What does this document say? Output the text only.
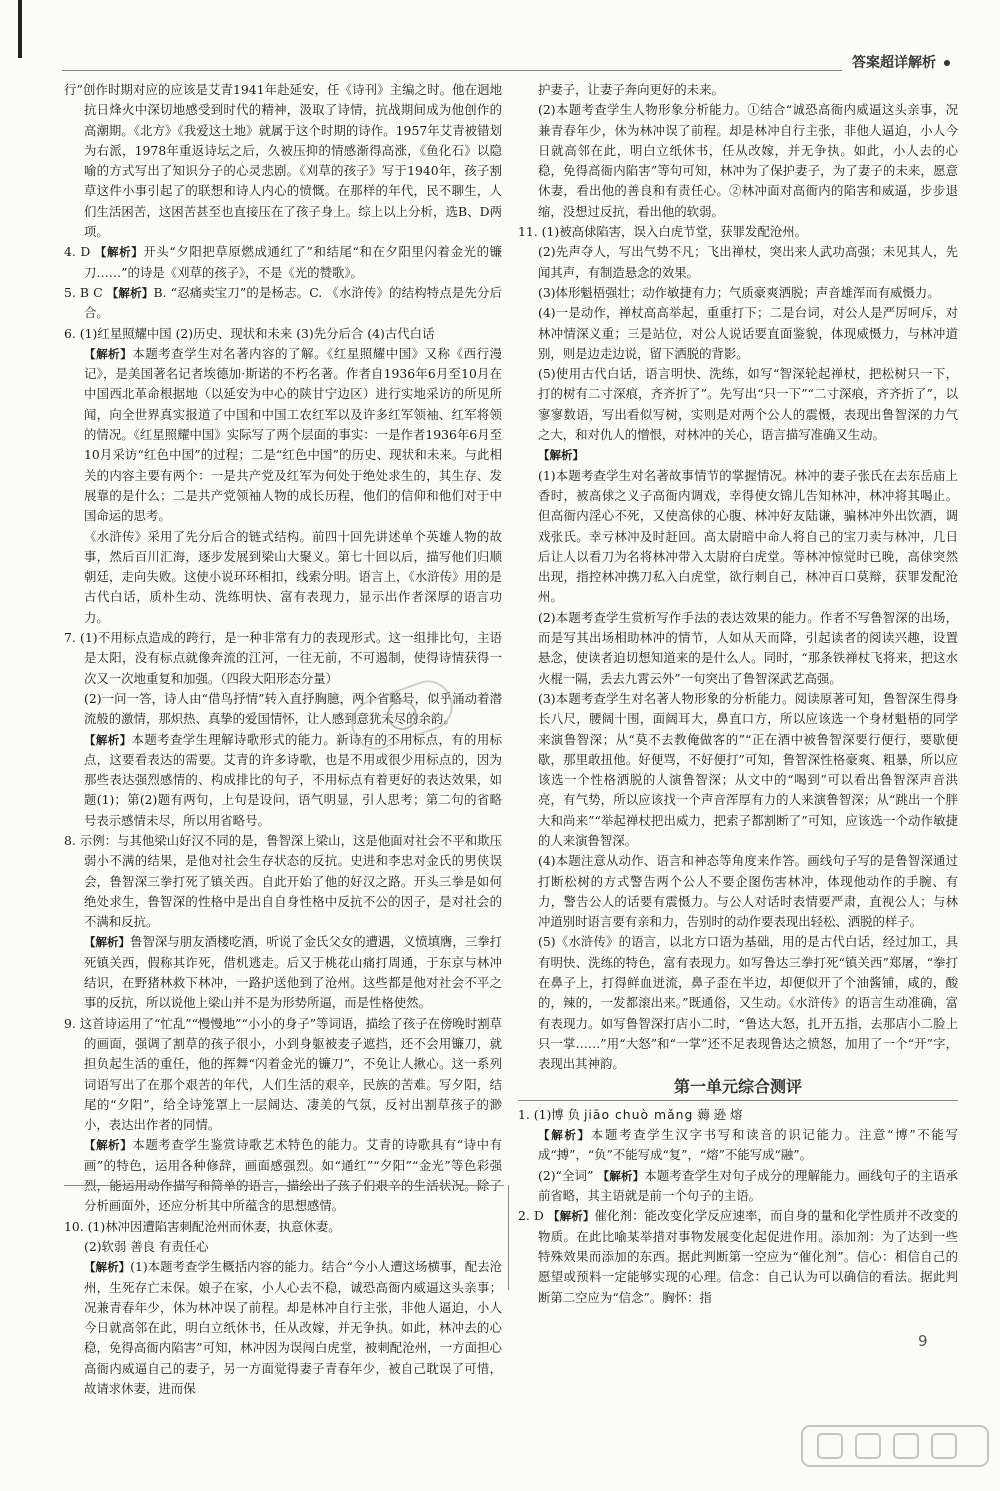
答案超详解析

行”创作时期对应的应该是艾青1941年赴延安，任《诗刊》主编之时。他在迥地抗日烽火中深切地感受到时代的精神，汲取了诗情，抗战期间成为他创作的高潮期。《北方》《我爱这土地》就属于这个时期的诗作。1957年艾青被错划为右派，1978年重返诗坛之后，久被压抑的情感渐得高涨，《鱼化石》以隐喻的方式写出了知识分子的心灵悲剧。《刈草的孩子》写于1940年，孩子割草这件小事引起了的联想和诗人内心的愤慨。在那样的年代，民不聊生，人们生活困苦，这困苦甚至也直接压在了孩子身上。综上以上分析，选B、D两项。

4. D 【解析】开头“夕阳把草原燃成通红了”和结尾“和在夕阳里闪着金光的镰刀……”的诗是《刈草的孩子》，不是《光的赞歌》。

5. B C 【解析】B. “忍痛卖宝刀”的是杨志。C. 《水浒传》的结构特点是先分后合。

6. (1)红星照耀中国 (2)历史、现状和未来 (3)先分后合 (4)古代白话

【解析】本题考查学生对名著内容的了解。《红星照耀中国》又称《西行漫记》，是美国著名记者埃德加·斯诺的不朽名著。作者自1936年6月至10月在中国西北革命根据地（以延安为中心的陕甘宁边区）进行实地采访的所见所闻，向全世界真实报道了中国和中国工农红军以及许多红军领袖、红军将领的情况。《红星照耀中国》实际写了两个层面的事实：一是作者1936年6月至10月采访“红色中国”的过程；二是“红色中国”的历史、现状和未来。与此相关的内容主要有两个：一是共产党及红军为何处于绝处求生的，其生存、发展靠的是什么；二是共产党领袖人物的成长历程，他们的信仰和他们对于中国命运的思考。

《水浒传》采用了先分后合的链式结构。前四十回先讲述单个英雄人物的故事，然后百川汇海，逐步发展到梁山大聚义。第七十回以后，描写他们归顺朝廷，走向失败。这使小说环环相扣，线索分明。语言上，《水浒传》用的是古代白话，质朴生动、洗练明快、富有表现力，显示出作者深厚的语言功力。

7. (1)不用标点造成的跨行，是一种非常有力的表现形式。这一组排比句，主语是太阳，没有标点就像奔流的江河，一往无前，不可遏制，使得诗情获得一次又一次地重复和加强。（四段大阳形态分量）

(2)一问一答，诗人由“借鸟抒情”转入直抒胸臆，两个省略号，似乎涌动着潜流般的激情，那炽热、真挚的爱国情怀，让人感到意犹未尽的余韵。

【解析】本题考查学生理解诗歌形式的能力。新诗有的不用标点，有的用标点，这要看表达的需要。艾青的许多诗歌，也是不用或很少用标点的，因为那些表达强烈感情的、构成排比的句子，不用标点有着更好的表达效果，如题(1)；第(2)题有两句，上句是设问，语气明显，引人思考；第二句的省略号表示感情未尽，所以用省略号。

8. 示例：与其他梁山好汉不同的是，鲁智深上梁山，这是他面对社会不平和欺压弱小不满的结果，是他对社会生存状态的反抗。史进和李忠对金氏的男侠误会，鲁智深三拳打死了镇关西。自此开始了他的好汉之路。开头三拳是如何绝处求生，鲁智深的性格中是出自自身性格中反抗不公的因子，是对社会的不满和反抗。

【解析】鲁智深与朋友酒楼吃酒，听说了金氏父女的遭遇，义愤填膺，三拳打死镇关西，假称其诈死，借机逃走。后又于桃花山痛打周通，于东京与林冲结识，在野猪林救下林冲，一路护送他到了沧州。这些都是他对社会不平之事的反抗，所以说他上梁山并不是为形势所逼，而是性格使然。

9. 这首诗运用了“忙乱”“慢慢地”“小小的身子”等词语，描绘了孩子在傍晚时割草的画面，强调了割草的孩子很小，小到身躯被麦子遮挡，还不会用镰刀，就担负起生活的重任，他的挥舞“闪着金光的镰刀”，不免让人揪心。这一系列词语写出了在那个艰苦的年代，人们生活的艰辛，民族的苦难。写夕阳，结尾的“夕阳”，给全诗笼罩上一层阔达、凄美的气氛，反衬出割草孩子的渺小，表达出作者的同情。

【解析】本题考查学生鉴赏诗歌艺术特色的能力。艾青的诗歌具有“诗中有画”的特色，运用各种修辞，画面感强烈。如“通红”“夕阳”“金光”等色彩强烈，能运用动作描写和简单的语言，描绘出了孩子们艰辛的生活状况。除了分析画面外，还应分析其中所蕴含的思想感情。

10. (1)林冲因遭陷害刺配沧州而休妻，执意休妻。

(2)软弱 善良 有责任心

【解析】(1)本题考查学生概括内容的能力。结合“今小人遭这场横事，配去沧州，生死存亡未保。娘子在家，小人心去不稳，诚恐高衙内威逼这头亲事；况兼青春年少，休为林冲误了前程。却是林冲自行主张，非他人逼迫，小人今日就高邻在此，明白立纸休书，任从改嫁，并无争执。如此，林冲去的心稳，免得高衙内陷害”可知，林冲因为误闯白虎堂，被刺配沧州，一方面担心高衙内威逼自己的妻子，另一方面觉得妻子青春年少，被自己耽误了可惜，故请求休妻，进而保

护妻子，让妻子奔向更好的未来。

(2)本题考查学生人物形象分析能力。①结合“诚恐高衙内威逼这头亲事，况兼青春年少，休为林冲误了前程。却是林冲自行主张，非他人逼迫，小人今日就高邻在此，明白立纸休书，任从改嫁，并无争执。如此，小人去的心稳，免得高衙内陷害”等句可知，林冲为了保护妻子，为了妻子的未来，愿意休妻，看出他的善良和有责任心。②林冲面对高衙内的陷害和威逼，步步退缩，没想过反抗，看出他的软弱。

11. (1)被高俅陷害，误入白虎节堂，获罪发配沧州。

(2)先声夺人，写出气势不凡；飞出禅杖，突出来人武功高强；未见其人，先闻其声，有制造悬念的效果。

(3)体形魁梧强壮；动作敏捷有力；气质豪爽洒脱；声音雄浑而有威慑力。

(4)一是动作，禅杖高高举起，重重打下；二是台词，对公人是严厉呵斥，对林冲情深义重；三是站位，对公人说话要直面鉴貌，体现威慑力，与林冲道别，则是边走边说，留下洒脱的背影。

(5)使用古代白话，语言明快、洗练，如写“智深轮起禅杖，把松树只一下，打的树有二寸深痕，齐齐折了”。先写出“只一下”“二寸深痕，齐齐折了”，以寥寥数语，写出看似写树，实则是对两个公人的震慑，表现出鲁智深的力气之大，和对仇人的憎恨，对林冲的关心，语言描写准确又生动。

【解析】

(1)本题考查学生对名著故事情节的掌握情况。林冲的妻子张氏在去东岳庙上香时，被高俅之义子高衙内调戏，幸得使女锦儿告知林冲，林冲将其喝止。但高衙内淫心不死，又使高俅的心腹、林冲好友陆谦，骗林冲外出饮酒，调戏张氏。幸亏林冲及时赶回。高太尉暗中命人将自己的宝刀卖与林冲，几日后让人以看刀为名将林冲带入太尉府白虎堂。等林冲惊觉时已晚，高俅突然出现，指控林冲携刀私入白虎堂，欲行刺自己，林冲百口莫辩，获罪发配沧州。

(2)本题考查学生赏析写作手法的表达效果的能力。作者不写鲁智深的出场，而是写其出场相助林冲的情节，人如从天而降，引起读者的阅读兴趣，设置悬念，使读者迫切想知道来的是什么人。同时，“那条铁禅杖飞将来，把这水火棍一隔，丢去九霄云外”一句突出了鲁智深武艺高强。

(3)本题考查学生对名著人物形象的分析能力。阅读原著可知，鲁智深生得身长八尺，腰阔十围，面阔耳大，鼻直口方，所以应该选一个身材魁梧的同学来演鲁智深；从“莫不去教俺做客的”“正在酒中被鲁智深要行便行，要歇便歇，那里敢扭他。好便骂，不好便打”可知，鲁智深性格豪爽、粗暴，所以应该选一个性格洒脱的人演鲁智深；从文中的“喝到”可以看出鲁智深声音洪亮，有气势，所以应该找一个声音浑厚有力的人来演鲁智深；从“跳出一个胖大和尚来”“举起禅杖把出威力，把索子都割断了”可知，应该选一个动作敏捷的人来演鲁智深。

(4)本题注意从动作、语言和神态等角度来作答。画线句子写的是鲁智深通过打断松树的方式警告两个公人不要企图伤害林冲，体现他动作的手腕、有力，警告公人的话要有震慑力。与公人对话时表情要严肃，直视公人；与林冲道别时语言要有亲和力，告别时的动作要表现出轻松、洒脱的样子。

(5)《水浒传》的语言，以北方口语为基础，用的是古代白话，经过加工，具有明快、洗练的特色，富有表现力。如写鲁达三拳打死“镇关西”郑屠，“拳打在鼻子上，打得鲜血迸流，鼻子歪在半边，却便似开了个油酱铺，咸的，酸的，辣的，一发都滚出来。”既通俗，又生动。《水浒传》的语言生动准确，富有表现力。如写鲁智深打店小二时，“鲁达大怒，扎开五指，去那店小二脸上只一掌……”用“大怒”和“一掌”还不足表现鲁达之愤怒，加用了一个“开”字，表现出其神韵。

第一单元综合测评

1. (1)博 负 jiāo chuò mǎng 薅 逊 熔

【解析】本题考查学生汉字书写和读音的识记能力。注意“博”不能写成“搏”，“负”不能写成“复”，“熔”不能写成“融”。

(2)“全词” 【解析】本题考查学生对句子成分的理解能力。画线句子的主语承前省略，其主语就是前一个句子的主语。

2. D 【解析】催化剂：能改变化学反应速率，而自身的量和化学性质并不改变的物质。在此比喻某举措对事物发展变化起促进作用。添加剂：为了达到一些特殊效果而添加的东西。据此判断第一空应为“催化剂”。信心：相信自己的愿望或预料一定能够实现的心理。信念：自己认为可以确信的看法。据此判断第二空应为“信念”。胸怀：指

9
